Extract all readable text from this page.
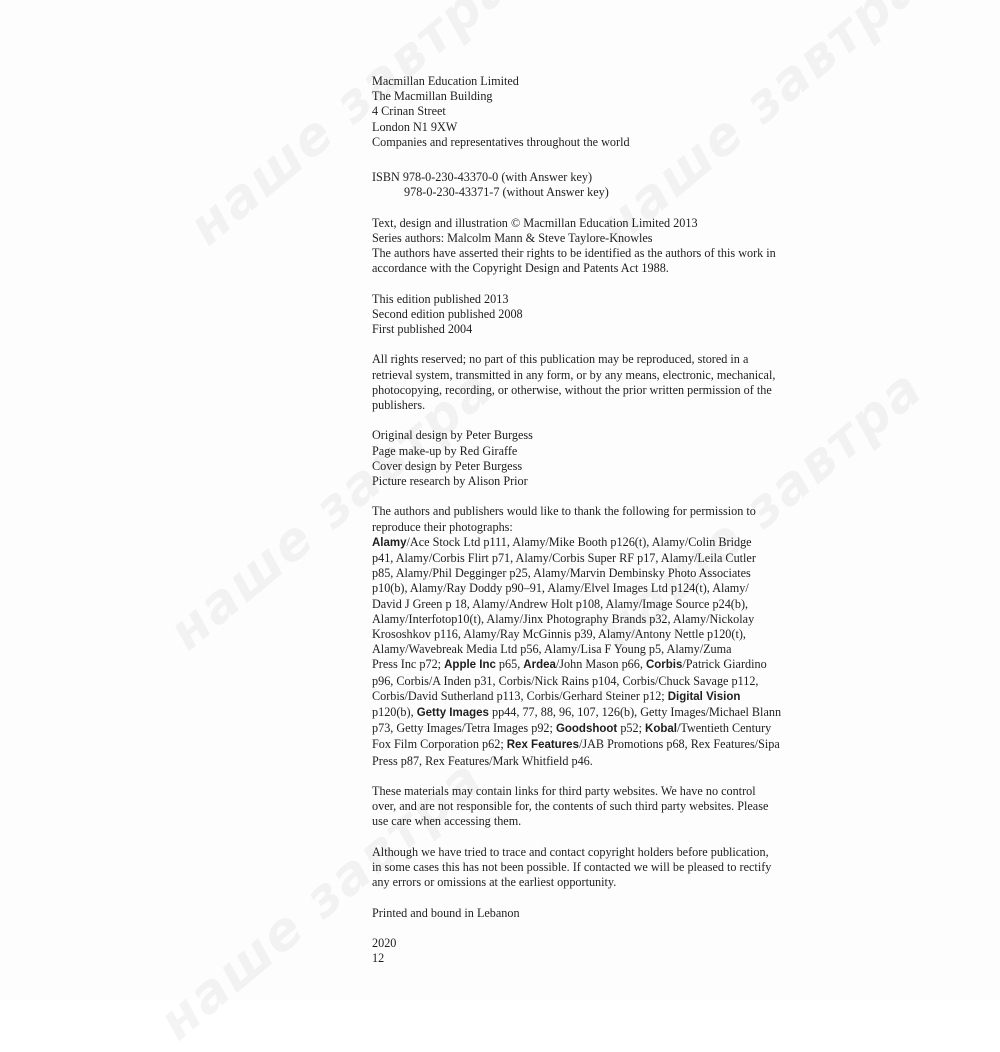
Macmillan Education Limited

The Macmillan Building

4 Crinan Street

London N1 9XW

Companies and representatives throughout the world

ISBN 978-0-230-43370-0 (with Answer key)

978-0-230-43371-7 (without Answer key)

Text, design and illustration © Macmillan Education Limited 2013

Series authors: Malcolm Mann & Steve Taylore-Knowles

The authors have asserted their rights to be identified as the authors of this work in

accordance with the Copyright Design and Patents Act 1988.

This edition published 2013

Second edition published 2008

First published 2004

All rights reserved; no part of this publication may be reproduced, stored in a

retrieval system, transmitted in any form, or by any means, electronic, mechanical,

photocopying, recording, or otherwise, without the prior written permission of the

publishers.

Original design by Peter Burgess

Page make-up by Red Giraffe

Cover design by Peter Burgess

Picture research by Alison Prior

The authors and publishers would like to thank the following for permission to

reproduce their photographs:

Alamy/Ace Stock Ltd p111, Alamy/Mike Booth p126(t), Alamy/Colin Bridge

p41, Alamy/Corbis Flirt p71, Alamy/Corbis Super RF p17, Alamy/Leila Cutler

p85, Alamy/Phil Degginger p25, Alamy/Marvin Dembinsky Photo Associates

p10(b), Alamy/Ray Doddy p90–91, Alamy/Elvel Images Ltd p124(t), Alamy/

David J Green p 18, Alamy/Andrew Holt p108, Alamy/Image Source p24(b),

Alamy/Interfotop10(t), Alamy/Jinx Photography Brands p32, Alamy/Nickolay

Krososhkov p116, Alamy/Ray McGinnis p39, Alamy/Antony Nettle p120(t),

Alamy/Wavebreak Media Ltd p56, Alamy/Lisa F Young p5, Alamy/Zuma

Press Inc p72; Apple Inc p65, Ardea/John Mason p66, Corbis/Patrick Giardino

p96, Corbis/A Inden p31, Corbis/Nick Rains p104, Corbis/Chuck Savage p112,

Corbis/David Sutherland p113, Corbis/Gerhard Steiner p12; Digital Vision

p120(b), Getty Images pp44, 77, 88, 96, 107, 126(b), Getty Images/Michael Blann

p73, Getty Images/Tetra Images p92; Goodshoot p52; Kobal/Twentieth Century

Fox Film Corporation p62; Rex Features/JAB Promotions p68, Rex Features/Sipa

Press p87, Rex Features/Mark Whitfield p46.

These materials may contain links for third party websites. We have no control

over, and are not responsible for, the contents of such third party websites. Please

use care when accessing them.

Although we have tried to trace and contact copyright holders before publication,

in some cases this has not been possible. If contacted we will be pleased to rectify

any errors or omissions at the earliest opportunity.

Printed and bound in Lebanon

2020

12
